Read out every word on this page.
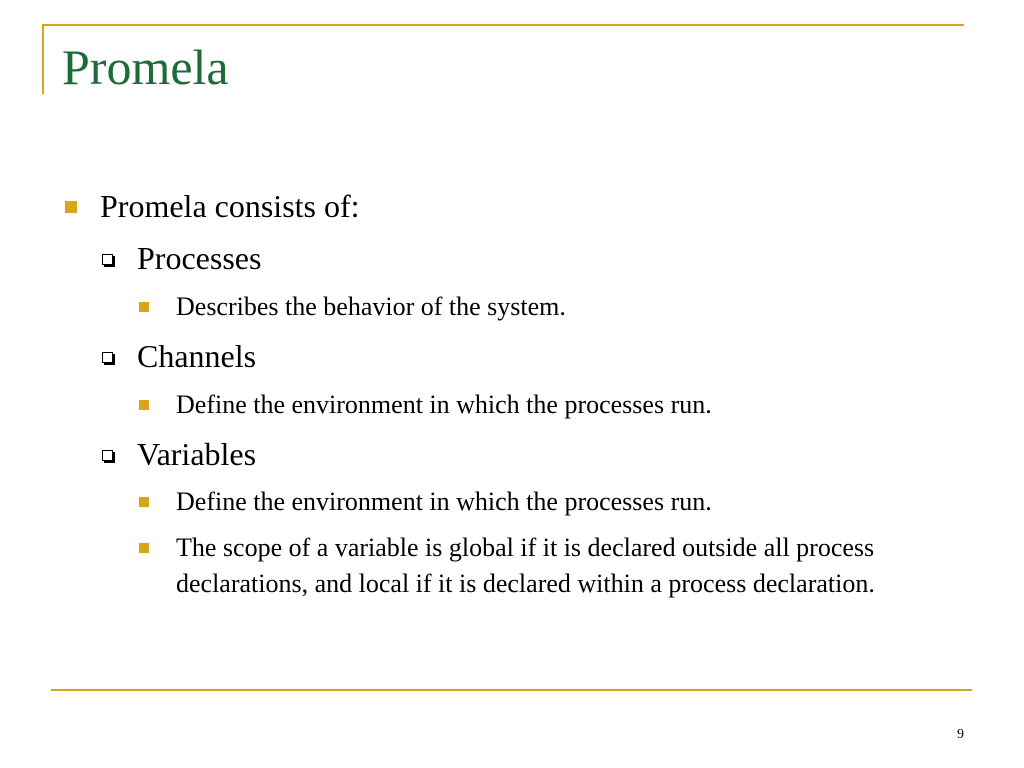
Promela
Promela consists of:
Processes
Describes the behavior of the system.
Channels
Define the environment in which the processes run.
Variables
Define the environment in which the processes run.
The scope of a variable is global if it is declared outside all process declarations, and local if it is declared within a process declaration.
9
